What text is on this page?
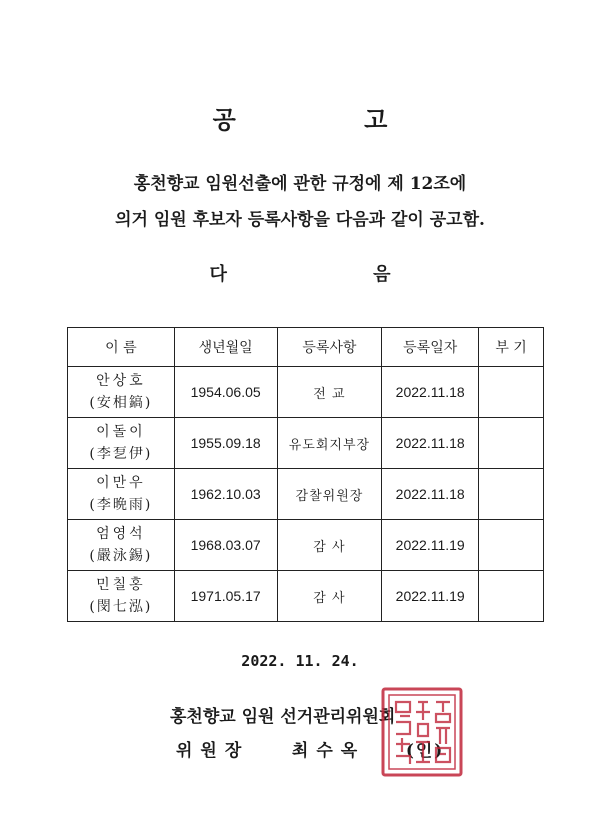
공 고
홍천향교 임원선출에 관한 규정에 제 12조에
의거 임원 후보자 등록사항을 다음과 같이 공고함.
다 음
이 름	생년월일	등록사항	등록일자	부 기

안상호
(安相鎬)	1954.06.05	전 교	2022.11.18	

이돌이
(李乭伊)	1955.09.18	유도회지부장	2022.11.18	

이만우
(李晩雨)	1962.10.03	감찰위원장	2022.11.18	

엄영석
(嚴泳錫)	1968.03.07	감 사	2022.11.19	

민칠홍
(閔七泓)	1971.05.17	감 사	2022.11.19	
2022. 11. 24.
홍천향교 임원 선거관리위원회
위원장	최수옥 (인)
